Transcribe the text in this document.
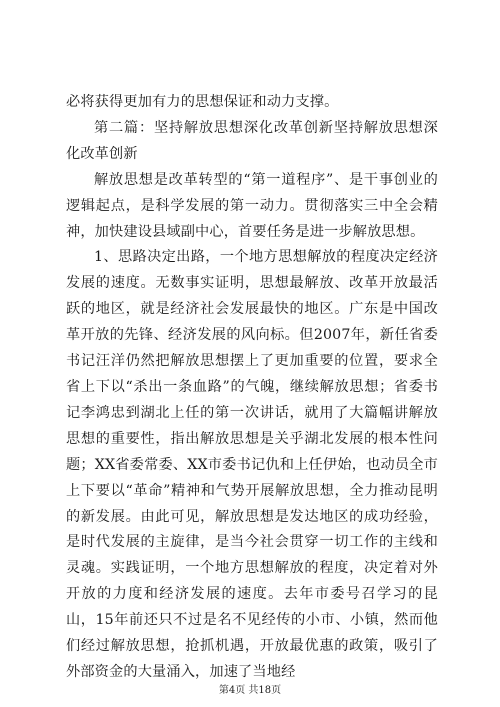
必将获得更加有力的思想保证和动力支撑。

第二篇：坚持解放思想深化改革创新坚持解放思想深化改革创新

解放思想是改革转型的“第一道程序”、是干事创业的逻辑起点，是科学发展的第一动力。贯彻落实三中全会精神，加快建设县域副中心，首要任务是进一步解放思想。

1、思路决定出路，一个地方思想解放的程度决定经济发展的速度。无数事实证明，思想最解放、改革开放最活跃的地区，就是经济社会发展最快的地区。广东是中国改革开放的先锋、经济发展的风向标。但2007年，新任省委书记汪洋仍然把解放思想摆上了更加重要的位置，要求全省上下以“杀出一条血路”的气魄，继续解放思想；省委书记李鸿忠到湖北上任的第一次讲话，就用了大篇幅讲解放思想的重要性，指出解放思想是关乎湖北发展的根本性问题；XX省委常委、XX市委书记仇和上任伊始，也动员全市上下要以“革命”精神和气势开展解放思想，全力推动昆明的新发展。由此可见，解放思想是发达地区的成功经验，是时代发展的主旋律，是当今社会贯穿一切工作的主线和灵魂。实践证明，一个地方思想解放的程度，决定着对外开放的力度和经济发展的速度。去年市委号召学习的昆山，15年前还只不过是名不见经传的小市、小镇，然而他们经过解放思想，抢抓机遇，开放最优惠的政策，吸引了外部资金的大量涌入，加速了当地经

第4页 共18页
